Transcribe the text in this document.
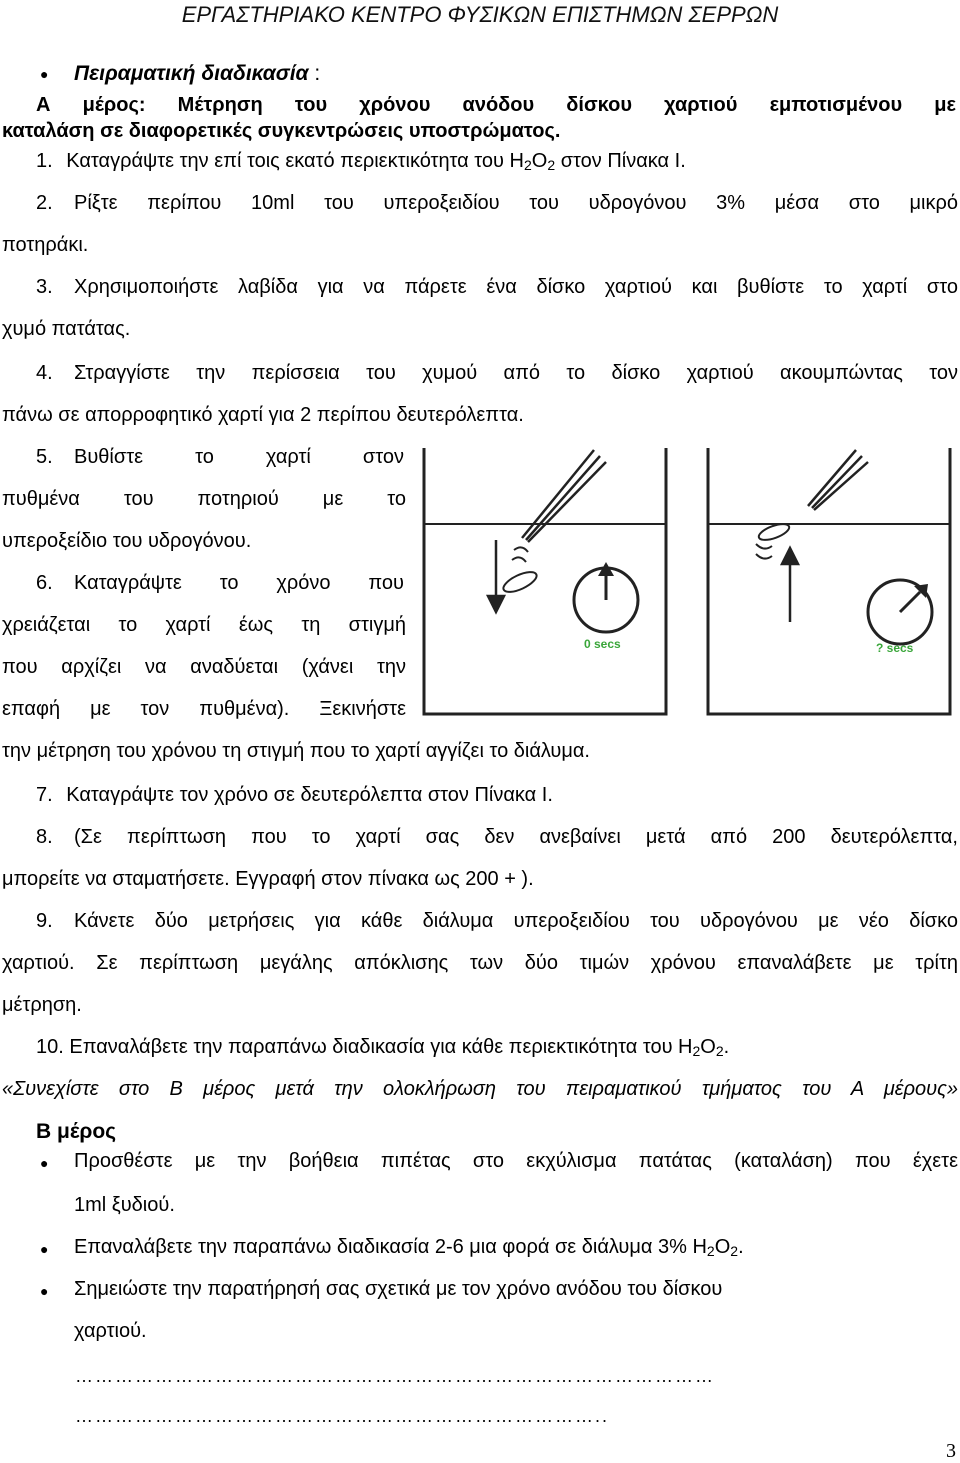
ΕΡΓΑΣΤΗΡΙΑΚΟ ΚΕΝΤΡΟ ΦΥΣΙΚΩΝ ΕΠΙΣΤΗΜΩΝ ΣΕΡΡΩΝ
● Πειραματική διαδικασία :
Α μέρος: Μέτρηση του χρόνου ανόδου δίσκου χαρτιού εμποτισμένου με
καταλάση σε διαφορετικές συγκεντρώσεις υποστρώματος.
1. Καταγράψτε την επί τοις εκατό περιεκτικότητα του $H_2O_2$ στον Πίνακα Ι.
2. Ρίξτε περίπου 10ml του υπεροξειδίου του υδρογόνου 3% μέσα στο μικρό
ποτηράκι.
3. Χρησιμοποιήστε λαβίδα για να πάρετε ένα δίσκο χαρτιού και βυθίστε το χαρτί στο
χυμό πατάτας.
4. Στραγγίστε την περίσσεια του χυμού από το δίσκο χαρτιού ακουμπώντας τον
πάνω σε απορροφητικό χαρτί για 2 περίπου δευτερόλεπτα.
5. Βυθίστε το χαρτί στον
πυθμένα του ποτηριού με το
υπεροξείδιο του υδρογόνου.
6. Καταγράψτε το χρόνο που
χρειάζεται το χαρτί έως τη στιγμή
που αρχίζει να αναδύεται (χάνει την
επαφή με τον πυθμένα). Ξεκινήστε
την μέτρηση του χρόνου τη στιγμή που το χαρτί αγγίζει το διάλυμα.
0 secs	? secs
7. Καταγράψτε τον χρόνο σε δευτερόλεπτα στον Πίνακα Ι.
8. (Σε περίπτωση που το χαρτί σας δεν ανεβαίνει μετά από 200 δευτερόλεπτα,
μπορείτε να σταματήσετε. Εγγραφή στον πίνακα ως 200 + ).
9. Κάνετε δύο μετρήσεις για κάθε διάλυμα υπεροξειδίου του υδρογόνου με νέο δίσκο
χαρτιού. Σε περίπτωση μεγάλης απόκλισης των δύο τιμών χρόνου επαναλάβετε με τρίτη
μέτρηση.
10. Επαναλάβετε την παραπάνω διαδικασία για κάθε περιεκτικότητα του $H_2O_2$.
«Συνεχίστε στο Β μέρος μετά την ολοκλήρωση του πειραματικού τμήματος του Α μέρους»
Β μέρος
● Προσθέστε με την βοήθεια πιπέτας στο εκχύλισμα πατάτας (καταλάση) που έχετε
1ml ξυδιού.
● Επαναλάβετε την παραπάνω διαδικασία 2-6 μια φορά σε διάλυμα 3% $H_2O_2$.
● Σημειώστε την παρατήρησή σας σχετικά με τον χρόνο ανόδου του δίσκου
χαρτιού.
……………………………………………………………………………………
……………………………………………………………………..
3
